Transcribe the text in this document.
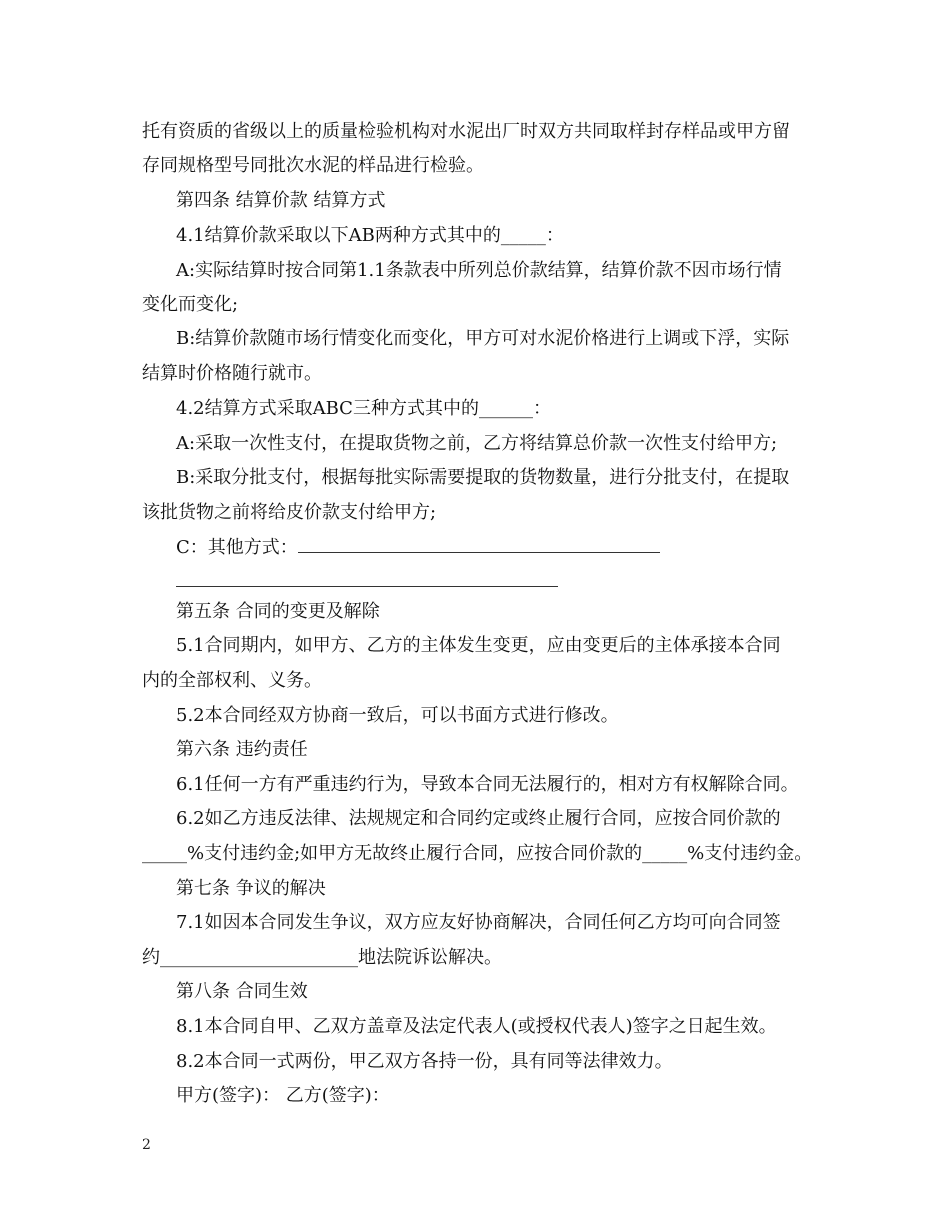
托有资质的省级以上的质量检验机构对水泥出厂时双方共同取样封存样品或甲方留
存同规格型号同批次水泥的样品进行检验。
第四条 结算价款 结算方式
4.1结算价款采取以下AB两种方式其中的_____：
A:实际结算时按合同第1.1条款表中所列总价款结算，结算价款不因市场行情
变化而变化;
B:结算价款随市场行情变化而变化，甲方可对水泥价格进行上调或下浮，实际
结算时价格随行就市。
4.2结算方式采取ABC三种方式其中的______：
A:采取一次性支付，在提取货物之前，乙方将结算总价款一次性支付给甲方;
B:采取分批支付，根据每批实际需要提取的货物数量，进行分批支付，在提取
该批货物之前将给皮价款支付给甲方;
C：其他方式：
第五条 合同的变更及解除
5.1合同期内，如甲方、乙方的主体发生变更，应由变更后的主体承接本合同
内的全部权利、义务。
5.2本合同经双方协商一致后，可以书面方式进行修改。
第六条 违约责任
6.1任何一方有严重违约行为，导致本合同无法履行的，相对方有权解除合同。
6.2如乙方违反法律、法规规定和合同约定或终止履行合同，应按合同价款的
_____%支付违约金;如甲方无故终止履行合同，应按合同价款的_____%支付违约金。
第七条 争议的解决
7.1如因本合同发生争议，双方应友好协商解决，合同任何乙方均可向合同签
约______________________地法院诉讼解决。
第八条 合同生效
8.1本合同自甲、乙双方盖章及法定代表人(或授权代表人)签字之日起生效。
8.2本合同一式两份，甲乙双方各持一份，具有同等法律效力。
甲方(签字)： 乙方(签字)：
2
